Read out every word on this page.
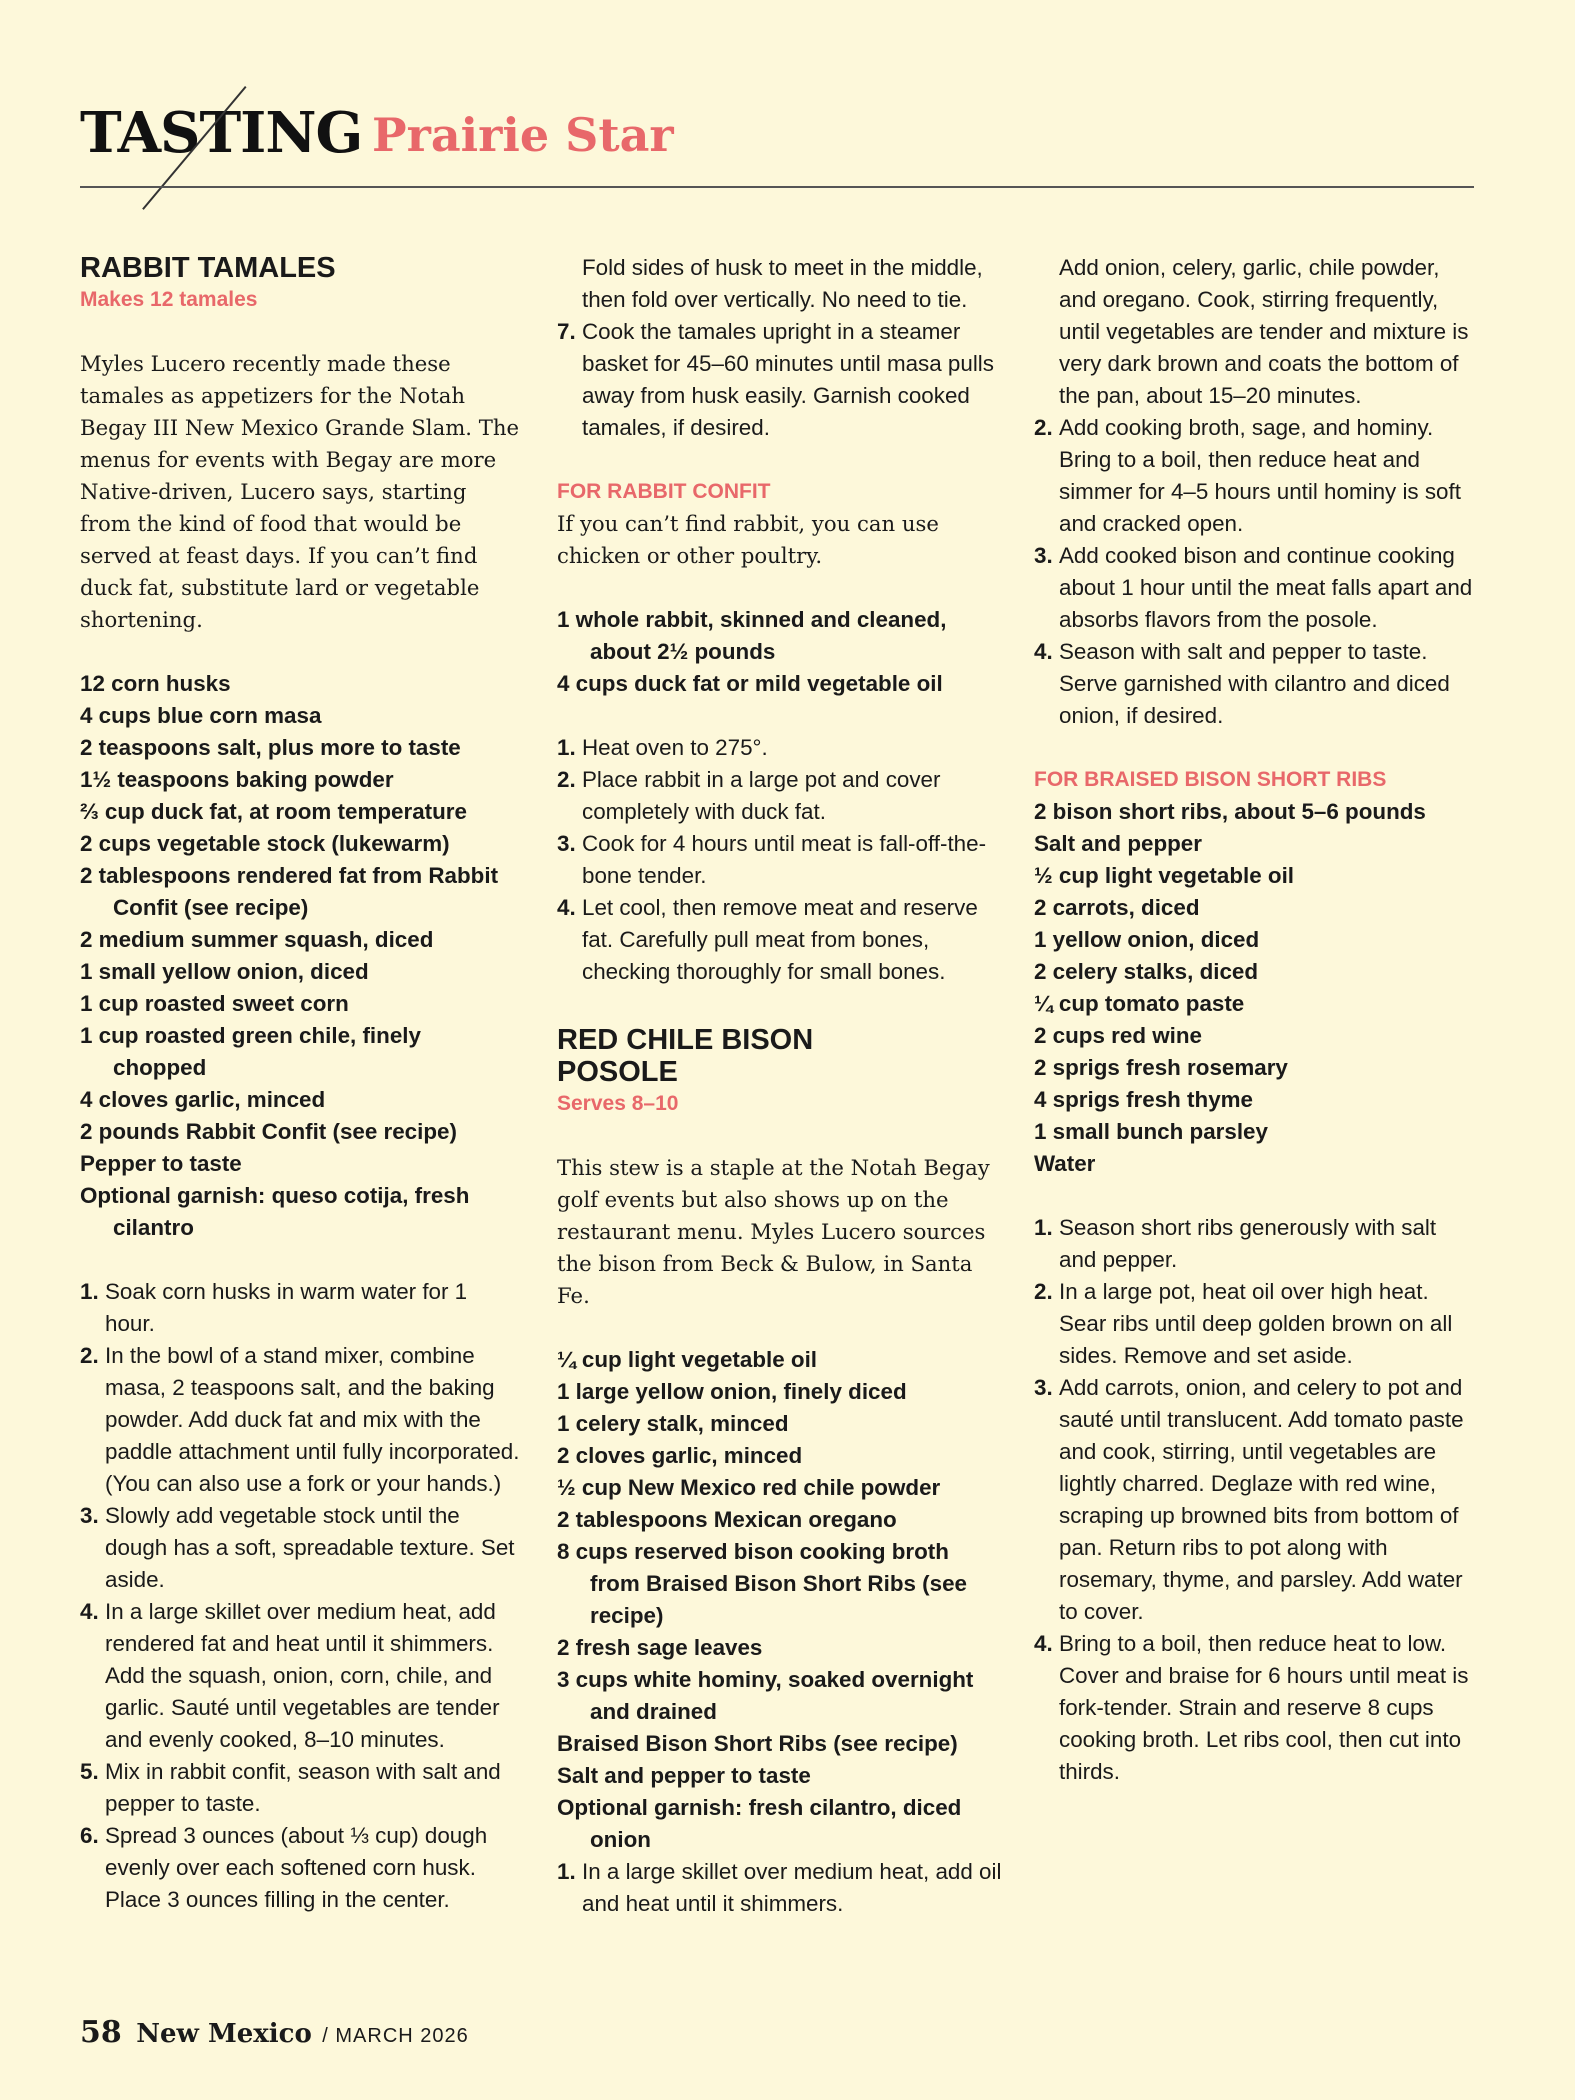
TASTING Prairie Star
RABBIT TAMALES
Makes 12 tamales
Myles Lucero recently made these tamales as appetizers for the Notah Begay III New Mexico Grande Slam. The menus for events with Begay are more Native-driven, Lucero says, starting from the kind of food that would be served at feast days. If you can’t find duck fat, substitute lard or vegetable shortening.
12 corn husks
4 cups blue corn masa
2 teaspoons salt, plus more to taste
1½ teaspoons baking powder
⅔ cup duck fat, at room temperature
2 cups vegetable stock (lukewarm)
2 tablespoons rendered fat from Rabbit Confit (see recipe)
2 medium summer squash, diced
1 small yellow onion, diced
1 cup roasted sweet corn
1 cup roasted green chile, finely chopped
4 cloves garlic, minced
2 pounds Rabbit Confit (see recipe)
Pepper to taste
Optional garnish: queso cotija, fresh cilantro
1. Soak corn husks in warm water for 1 hour.
2. In the bowl of a stand mixer, combine masa, 2 teaspoons salt, and the baking powder. Add duck fat and mix with the paddle attachment until fully incorporated. (You can also use a fork or your hands.)
3. Slowly add vegetable stock until the dough has a soft, spreadable texture. Set aside.
4. In a large skillet over medium heat, add rendered fat and heat until it shimmers. Add the squash, onion, corn, chile, and garlic. Sauté until vegetables are tender and evenly cooked, 8–10 minutes.
5. Mix in rabbit confit, season with salt and pepper to taste.
6. Spread 3 ounces (about ⅓ cup) dough evenly over each softened corn husk. Place 3 ounces filling in the center.
Fold sides of husk to meet in the middle, then fold over vertically. No need to tie.
7. Cook the tamales upright in a steamer basket for 45–60 minutes until masa pulls away from husk easily. Garnish cooked tamales, if desired.
FOR RABBIT CONFIT
If you can’t find rabbit, you can use chicken or other poultry.
1 whole rabbit, skinned and cleaned, about 2½ pounds
4 cups duck fat or mild vegetable oil
1. Heat oven to 275°.
2. Place rabbit in a large pot and cover completely with duck fat.
3. Cook for 4 hours until meat is fall-off-the-bone tender.
4. Let cool, then remove meat and reserve fat. Carefully pull meat from bones, checking thoroughly for small bones.
RED CHILE BISON
POSOLE
Serves 8–10
This stew is a staple at the Notah Begay golf events but also shows up on the restaurant menu. Myles Lucero sources the bison from Beck & Bulow, in Santa Fe.
¼ cup light vegetable oil
1 large yellow onion, finely diced
1 celery stalk, minced
2 cloves garlic, minced
½ cup New Mexico red chile powder
2 tablespoons Mexican oregano
8 cups reserved bison cooking broth from Braised Bison Short Ribs (see recipe)
2 fresh sage leaves
3 cups white hominy, soaked overnight and drained
Braised Bison Short Ribs (see recipe)
Salt and pepper to taste
Optional garnish: fresh cilantro, diced onion
1. In a large skillet over medium heat, add oil and heat until it shimmers.
Add onion, celery, garlic, chile powder, and oregano. Cook, stirring frequently, until vegetables are tender and mixture is very dark brown and coats the bottom of the pan, about 15–20 minutes.
2. Add cooking broth, sage, and hominy. Bring to a boil, then reduce heat and simmer for 4–5 hours until hominy is soft and cracked open.
3. Add cooked bison and continue cooking about 1 hour until the meat falls apart and absorbs flavors from the posole.
4. Season with salt and pepper to taste. Serve garnished with cilantro and diced onion, if desired.
FOR BRAISED BISON SHORT RIBS
2 bison short ribs, about 5–6 pounds
Salt and pepper
½ cup light vegetable oil
2 carrots, diced
1 yellow onion, diced
2 celery stalks, diced
¼ cup tomato paste
2 cups red wine
2 sprigs fresh rosemary
4 sprigs fresh thyme
1 small bunch parsley
Water
1. Season short ribs generously with salt and pepper.
2. In a large pot, heat oil over high heat. Sear ribs until deep golden brown on all sides. Remove and set aside.
3. Add carrots, onion, and celery to pot and sauté until translucent. Add tomato paste and cook, stirring, until vegetables are lightly charred. Deglaze with red wine, scraping up browned bits from bottom of pan. Return ribs to pot along with rosemary, thyme, and parsley. Add water to cover.
4. Bring to a boil, then reduce heat to low. Cover and braise for 6 hours until meat is fork-tender. Strain and reserve 8 cups cooking broth. Let ribs cool, then cut into thirds.
58 New Mexico / MARCH 2026
